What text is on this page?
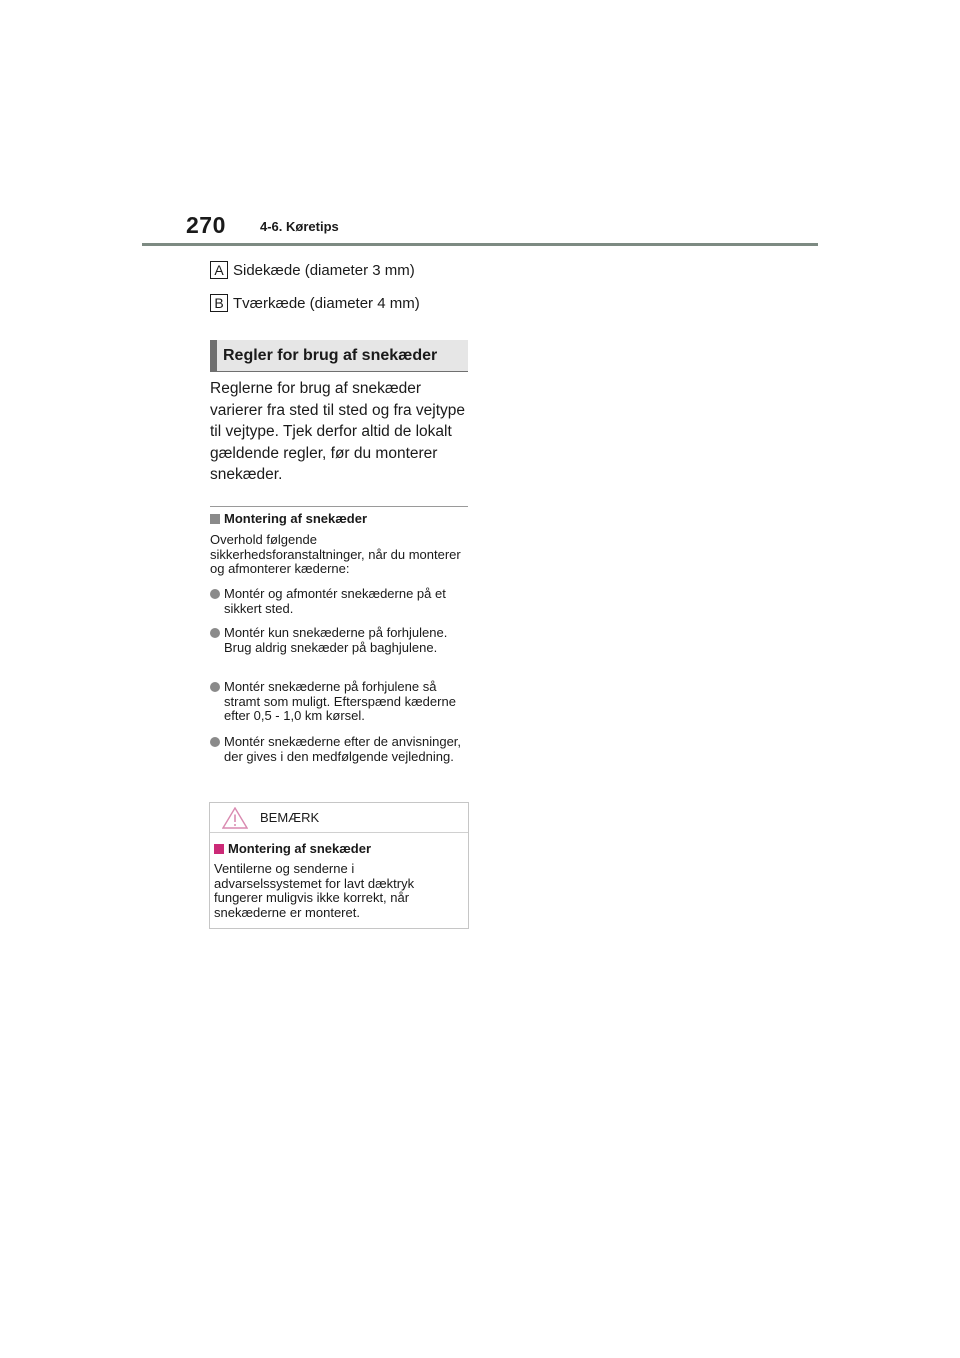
270	4-6. Køretips
A Sidekæde (diameter 3 mm)
B Tværkæde (diameter 4 mm)
Regler for brug af snekæder

Reglerne for brug af snekæder varierer fra sted til sted og fra vejtype til vejtype. Tjek derfor altid de lokalt gældende regler, før du monterer snekæder.

Montering af snekæder

Overhold følgende sikkerhedsforanstaltninger, når du monterer og afmonterer kæderne:

Montér og afmontér snekæderne på et sikkert sted.

Montér kun snekæderne på forhjulene. Brug aldrig snekæder på baghjulene.

Montér snekæderne på forhjulene så stramt som muligt. Efterspænd kæderne efter 0,5 - 1,0 km kørsel.

Montér snekæderne efter de anvisninger, der gives i den medfølgende vejledning.

BEMÆRK
Montering af snekæder

Ventilerne og senderne i advarselssystemet for lavt dæktryk fungerer muligvis ikke korrekt, når snekæderne er monteret.
